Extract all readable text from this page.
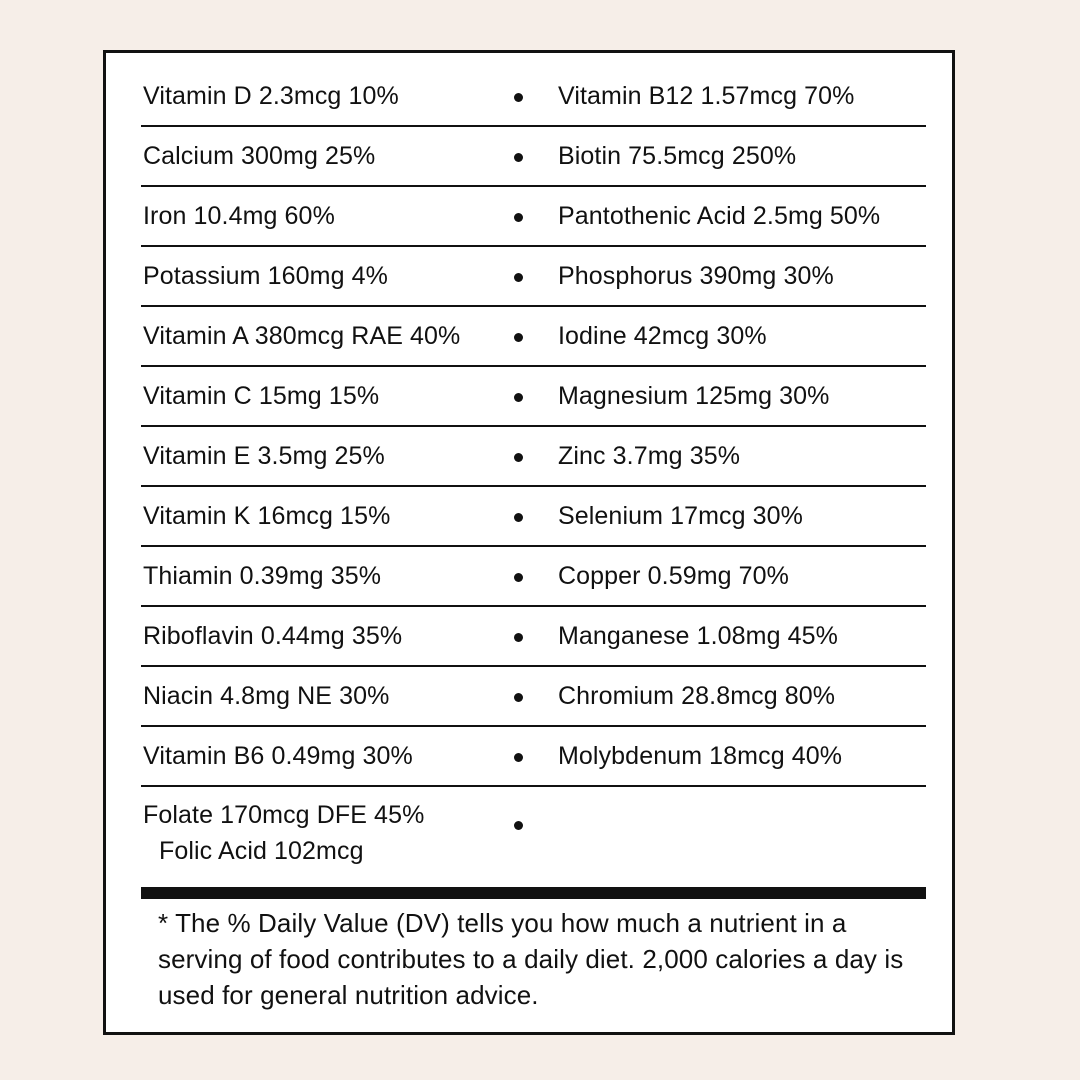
Vitamin D 2.3mcg 10%	Vitamin B12 1.57mcg 70%
Calcium 300mg 25%	Biotin 75.5mcg 250%
Iron 10.4mg 60%	Pantothenic Acid 2.5mg 50%
Potassium 160mg 4%	Phosphorus 390mg 30%
Vitamin A 380mcg RAE 40%	Iodine 42mcg 30%
Vitamin C 15mg 15%	Magnesium 125mg 30%
Vitamin E 3.5mg 25%	Zinc 3.7mg 35%
Vitamin K 16mcg 15%	Selenium 17mcg 30%
Thiamin 0.39mg 35%	Copper 0.59mg 70%
Riboflavin 0.44mg 35%	Manganese 1.08mg 45%
Niacin 4.8mg NE 30%	Chromium 28.8mcg 80%
Vitamin B6 0.49mg 30%	Molybdenum 18mcg 40%
Folate 170mcg DFE 45%
Folic Acid 102mcg
* The % Daily Value (DV) tells you how much a nutrient in a serving of food contributes to a daily diet. 2,000 calories a day is used for general nutrition advice.
